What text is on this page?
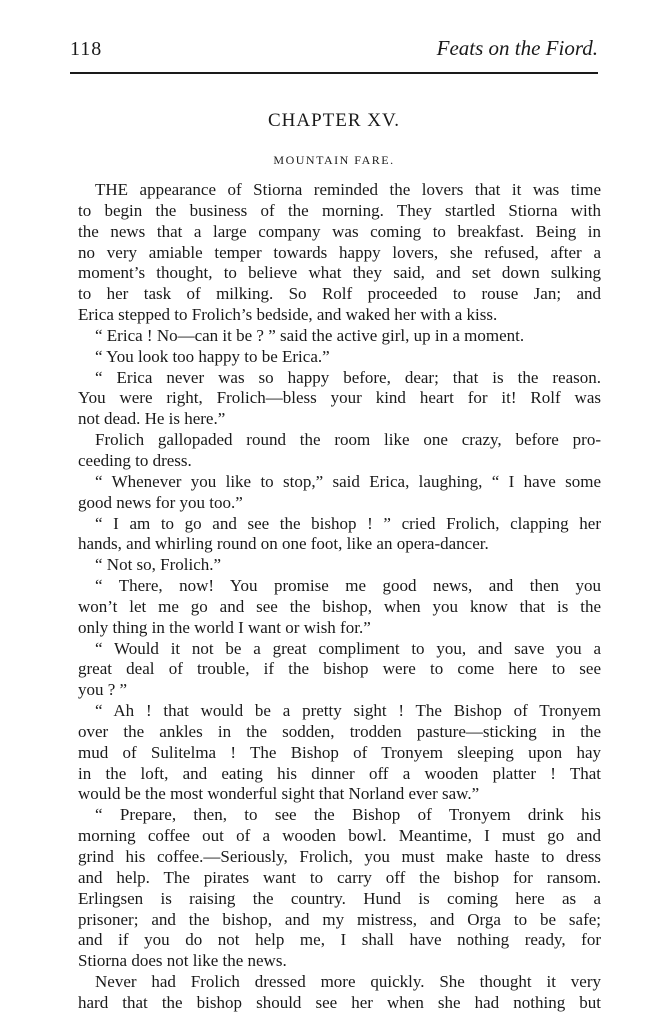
118	Feats on the Fiord.
CHAPTER XV.
MOUNTAIN FARE.
THE appearance of Stiorna reminded the lovers that it was time
to begin the business of the morning. They startled Stiorna with
the news that a large company was coming to breakfast. Being in
no very amiable temper towards happy lovers, she refused, after a
moment’s thought, to believe what they said, and set down sulking
to her task of milking. So Rolf proceeded to rouse Jan; and
Erica stepped to Frolich’s bedside, and waked her with a kiss.
“ Erica ! No—can it be ? ” said the active girl, up in a moment.
“ You look too happy to be Erica.”
“ Erica never was so happy before, dear; that is the reason.
You were right, Frolich—bless your kind heart for it! Rolf was
not dead. He is here.”
Frolich gallopaded round the room like one crazy, before pro-
ceeding to dress.
“ Whenever you like to stop,” said Erica, laughing, “ I have some
good news for you too.”
“ I am to go and see the bishop ! ” cried Frolich, clapping her
hands, and whirling round on one foot, like an opera-dancer.
“ Not so, Frolich.”
“ There, now! You promise me good news, and then you
won’t let me go and see the bishop, when you know that is the
only thing in the world I want or wish for.”
“ Would it not be a great compliment to you, and save you a
great deal of trouble, if the bishop were to come here to see
you ? ”
“ Ah ! that would be a pretty sight ! The Bishop of Tronyem
over the ankles in the sodden, trodden pasture—sticking in the
mud of Sulitelma ! The Bishop of Tronyem sleeping upon hay
in the loft, and eating his dinner off a wooden platter ! That
would be the most wonderful sight that Norland ever saw.”
“ Prepare, then, to see the Bishop of Tronyem drink his
morning coffee out of a wooden bowl. Meantime, I must go and
grind his coffee.—Seriously, Frolich, you must make haste to dress
and help. The pirates want to carry off the bishop for ransom.
Erlingsen is raising the country. Hund is coming here as a
prisoner; and the bishop, and my mistress, and Orga to be safe;
and if you do not help me, I shall have nothing ready, for
Stiorna does not like the news.
Never had Frolich dressed more quickly. She thought it very
hard that the bishop should see her when she had nothing but
